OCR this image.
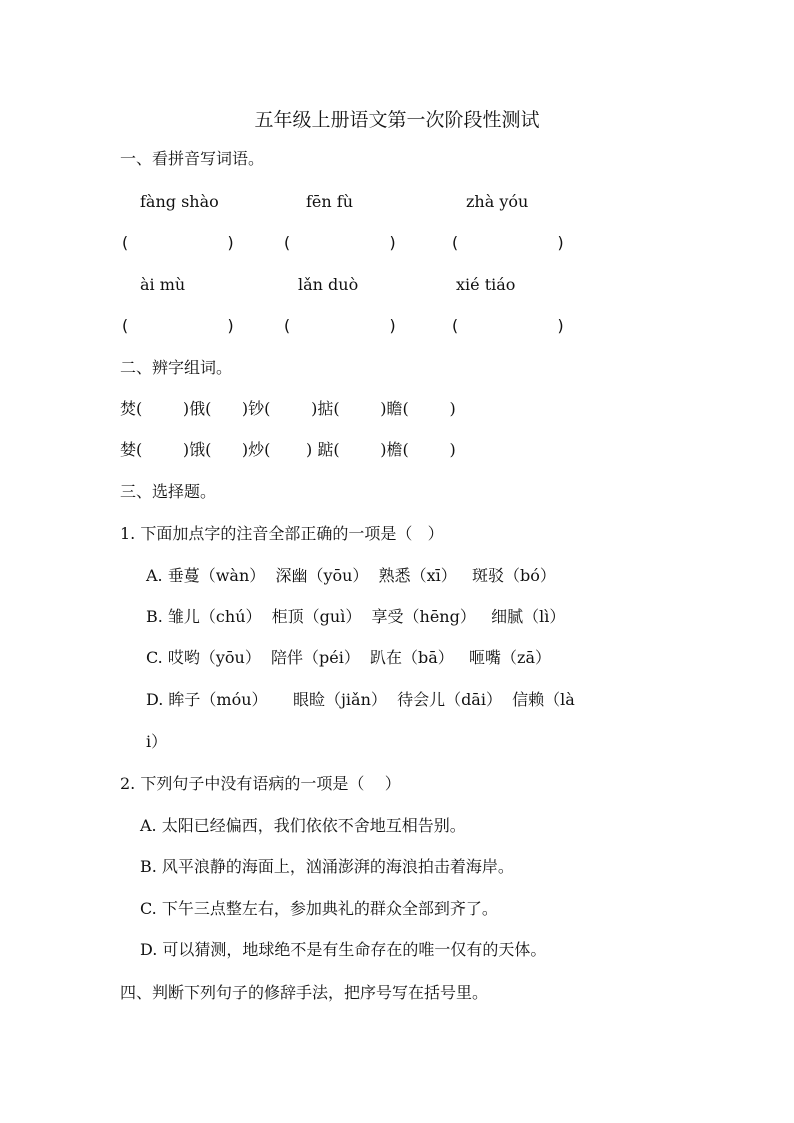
五年级上册语文第一次阶段性测试
一、看拼音写词语。
fàng shào	fēn fù	zhà yóu
(          )	(          )	(          )
ài mù	lǎn duò	xié tiáo
(          )	(          )	(          )
二、辨字组词。
焚(        )俄(      )钞(        )掂(        )瞻(        )
婪(        )饿(      )炒(       ) 踮(        )檐(        )
三、选择题。
1. 下面加点字的注音全部正确的一项是（   ）
A. 垂蔓（wàn）  深幽（yōu）  熟悉（xī）   斑驳（bó）
B. 雏儿（chú）  柜顶（guì）  享受（hēng）   细腻（lì）
C. 哎哟（yōu）  陪伴（péi）  趴在（bā）   咂嘴（zā）
D. 眸子（móu）     眼睑（jiǎn）  待会儿（dāi）  信赖（là
i）
2. 下列句子中没有语病的一项是（    ）
A. 太阳已经偏西，我们依依不舍地互相告别。
B. 风平浪静的海面上，汹涌澎湃的海浪拍击着海岸。
C. 下午三点整左右，参加典礼的群众全部到齐了。
D. 可以猜测，地球绝不是有生命存在的唯一仅有的天体。
四、判断下列句子的修辞手法，把序号写在括号里。
